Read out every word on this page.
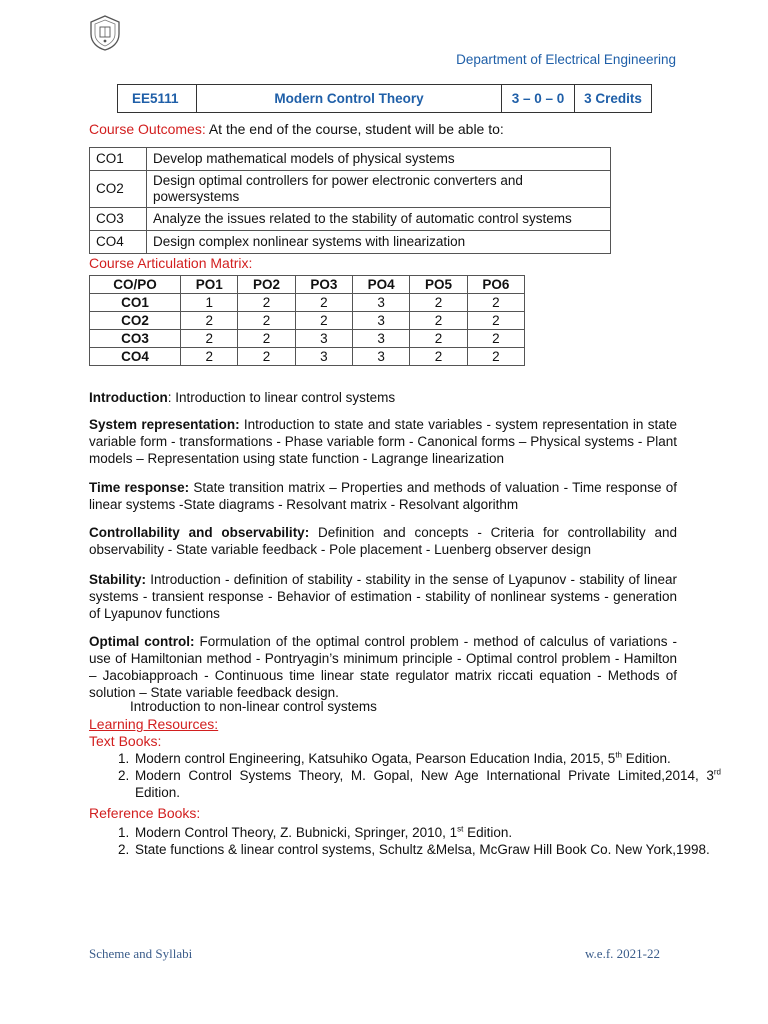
Department of Electrical Engineering
EE5111	Modern Control Theory	3 – 0 – 0	3 Credits
Course Outcomes: At the end of the course, student will be able to:
CO1	Develop mathematical models of physical systems
CO2	Design optimal controllers for power electronic converters and powersystems
CO3	Analyze the issues related to the stability of automatic control systems
CO4	Design complex nonlinear systems with linearization
Course Articulation Matrix:
CO/PO	PO1	PO2	PO3	PO4	PO5	PO6
CO1	1	2	2	3	2	2
CO2	2	2	2	3	2	2
CO3	2	2	3	3	2	2
CO4	2	2	3	3	2	2
Introduction: Introduction to linear control systems
System representation: Introduction to state and state variables - system representation in state variable form - transformations - Phase variable form - Canonical forms – Physical systems - Plant models – Representation using state function - Lagrange linearization
Time response: State transition matrix – Properties and methods of valuation - Time response of linear systems -State diagrams - Resolvant matrix - Resolvant algorithm
Controllability and observability: Definition and concepts - Criteria for controllability and observability - State variable feedback - Pole placement - Luenberg observer design
Stability: Introduction - definition of stability - stability in the sense of Lyapunov - stability of linear systems - transient response - Behavior of estimation - stability of nonlinear systems - generation of Lyapunov functions
Optimal control: Formulation of the optimal control problem - method of calculus of variations - use of Hamiltonian method - Pontryagin’s minimum principle - Optimal control problem - Hamilton – Jacobiapproach - Continuous time linear state regulator matrix riccati equation - Methods of solution – State variable feedback design.
Introduction to non-linear control systems
Learning Resources:
Text Books:
1. Modern control Engineering, Katsuhiko Ogata, Pearson Education India, 2015, 5th Edition.
2. Modern Control Systems Theory, M. Gopal, New Age International Private Limited,2014, 3rd Edition.
Reference Books:
1. Modern Control Theory, Z. Bubnicki, Springer, 2010, 1st Edition.
2. State functions & linear control systems, Schultz &Melsa, McGraw Hill Book Co. New York,1998.
Scheme and Syllabi	w.e.f. 2021-22
